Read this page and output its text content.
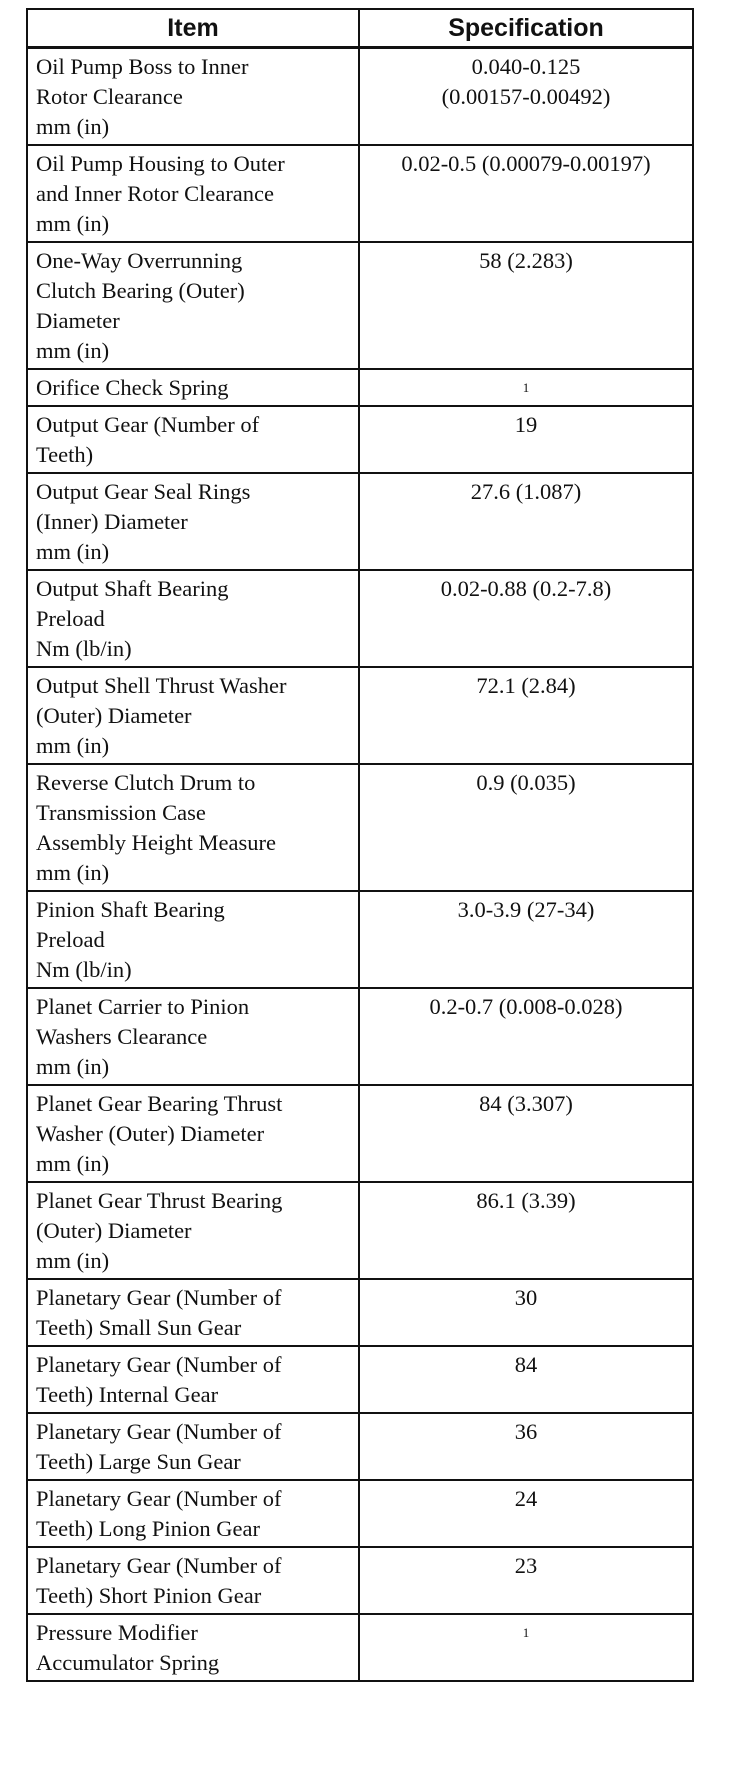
Item	Specification

Oil Pump Boss to Inner
Rotor Clearance
mm (in)	0.040-0.125
(0.00157-0.00492)

Oil Pump Housing to Outer
and Inner Rotor Clearance
mm (in)	0.02-0.5 (0.00079-0.00197)

One-Way Overrunning
Clutch Bearing (Outer)
Diameter
mm (in)	58 (2.283)

Orifice Check Spring	1

Output Gear (Number of
Teeth)	19

Output Gear Seal Rings
(Inner) Diameter
mm (in)	27.6 (1.087)

Output Shaft Bearing
Preload
Nm (lb/in)	0.02-0.88 (0.2-7.8)

Output Shell Thrust Washer
(Outer) Diameter
mm (in)	72.1 (2.84)

Reverse Clutch Drum to
Transmission Case
Assembly Height Measure
mm (in)	0.9 (0.035)

Pinion Shaft Bearing
Preload
Nm (lb/in)	3.0-3.9 (27-34)

Planet Carrier to Pinion
Washers Clearance
mm (in)	0.2-0.7 (0.008-0.028)

Planet Gear Bearing Thrust
Washer (Outer) Diameter
mm (in)	84 (3.307)

Planet Gear Thrust Bearing
(Outer) Diameter
mm (in)	86.1 (3.39)

Planetary Gear (Number of
Teeth) Small Sun Gear	30

Planetary Gear (Number of
Teeth) Internal Gear	84

Planetary Gear (Number of
Teeth) Large Sun Gear	36

Planetary Gear (Number of
Teeth) Long Pinion Gear	24

Planetary Gear (Number of
Teeth) Short Pinion Gear	23

Pressure Modifier
Accumulator Spring	1
